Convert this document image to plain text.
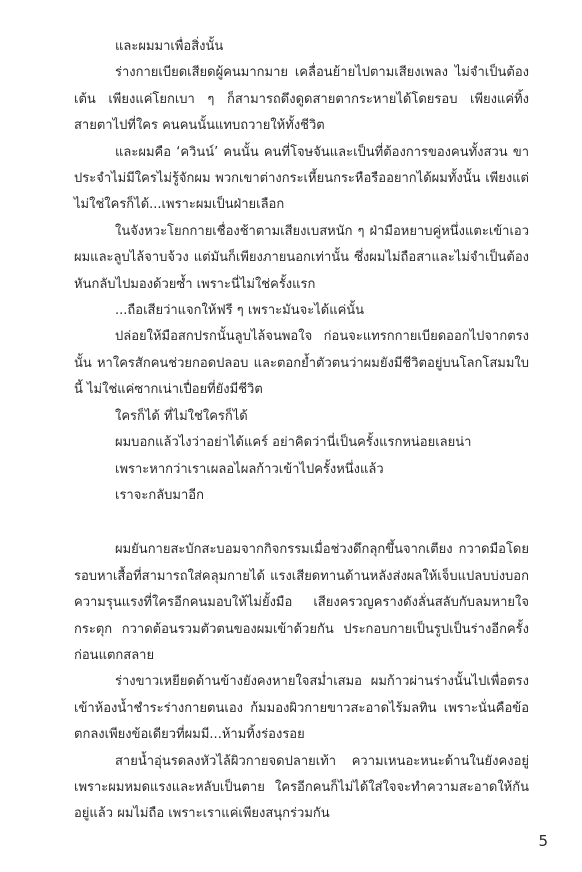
และผมมาเพื่อสิ่งนั้น

ร่างกายเบียดเสียดผู้คนมากมาย เคลื่อนย้ายไปตามเสียงเพลง ไม่จำเป็นต้องเต้น เพียงแค่โยกเบา ๆ ก็สามารถดึงดูดสายตากระหายได้โดยรอบ เพียงแค่ทิ้งสายตาไปที่ใคร คนคนนั้นแทบถวายให้ทั้งชีวิต

และผมคือ ‘ควินน์’ คนนั้น คนที่โจษจันและเป็นที่ต้องการของคนทั้งสวน ขาประจำไม่มีใครไม่รู้จักผม พวกเขาต่างกระเหี้ยนกระหือรืออยากได้ผมทั้งนั้น เพียงแต่ไม่ใช่ใครก็ได้...เพราะผมเป็นฝ่ายเลือก

ในจังหวะโยกกายเชื่องช้าตามเสียงเบสหนัก ๆ ฝ่ามือหยาบคู่หนึ่งแตะเข้าเอวผมและลูบไล้จาบจ้วง แต่มันก็เพียงภายนอกเท่านั้น ซึ่งผมไม่ถือสาและไม่จำเป็นต้องหันกลับไปมองด้วยซ้ำ เพราะนี่ไม่ใช่ครั้งแรก

...ถือเสียว่าแจกให้ฟรี ๆ เพราะมันจะได้แค่นั้น

ปล่อยให้มือสกปรกนั้นลูบไล้จนพอใจ ก่อนจะแทรกกายเบียดออกไปจากตรงนั้น หาใครสักคนช่วยกอดปลอบ และตอกย้ำตัวตนว่าผมยังมีชีวิตอยู่บนโลกโสมมใบนี้ ไม่ใช่แค่ซากเน่าเปื่อยที่ยังมีชีวิต

ใครก็ได้ ที่ไม่ใช่ใครก็ได้

ผมบอกแล้วไงว่าอย่าได้แคร์ อย่าคิดว่านี่เป็นครั้งแรกหน่อยเลยน่า

เพราะหากว่าเราเผลอไผลก้าวเข้าไปครั้งหนึ่งแล้ว

เราจะกลับมาอีก

ผมยันกายสะบักสะบอมจากกิจกรรมเมื่อช่วงดึกลุกขึ้นจากเตียง กวาดมือโดยรอบหาเสื้อที่สามารถใส่คลุมกายได้ แรงเสียดทานด้านหลังส่งผลให้เจ็บแปลบบ่งบอกความรุนแรงที่ใครอีกคนมอบให้ไม่ยั้งมือ เสียงครวญครางดังลั่นสลับกับลมหายใจกระตุก กวาดต้อนรวมตัวตนของผมเข้าด้วยกัน ประกอบกายเป็นรูปเป็นร่างอีกครั้ง ก่อนแตกสลาย

ร่างขาวเหยียดด้านข้างยังคงหายใจสม่ำเสมอ ผมก้าวผ่านร่างนั้นไปเพื่อตรงเข้าห้องน้ำชำระร่างกายตนเอง ก้มมองผิวกายขาวสะอาดไร้มลทิน เพราะนั่นคือข้อตกลงเพียงข้อเดียวที่ผมมี...ห้ามทิ้งร่องรอย

สายน้ำอุ่นรดลงหัวไล้ผิวกายจดปลายเท้า ความเหนอะหนะด้านในยังคงอยู่เพราะผมหมดแรงและหลับเป็นตาย ใครอีกคนก็ไม่ได้ใส่ใจจะทำความสะอาดให้กันอยู่แล้ว ผมไม่ถือ เพราะเราแค่เพียงสนุกร่วมกัน

5
